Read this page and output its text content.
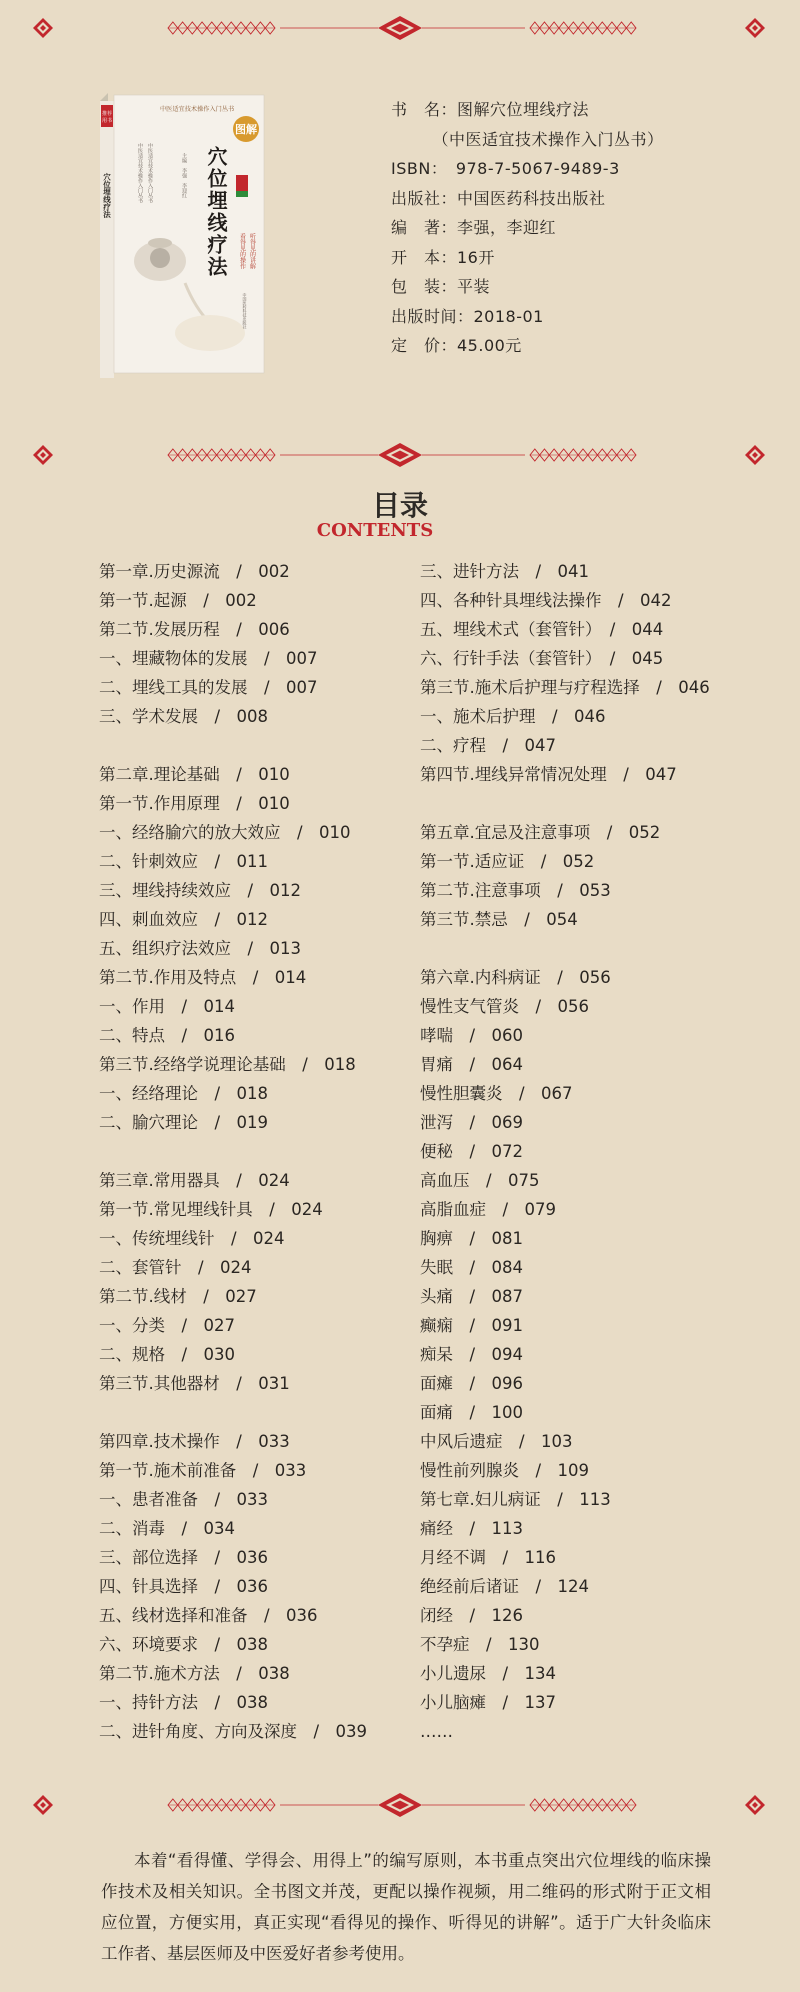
推荐
用书
穴位埋线疗法
中医适宜技术操作入门丛书
图解
穴位埋线疗法 看得见的操作 听得见的讲解
中医适宜技术操作入门丛书 中医适宜技术操作入门丛书	主编　李强　李迎红
中国医药科技出版社
书　名：图解穴位埋线疗法
　　　（中医适宜技术操作入门丛书）
ISBN：　978-7-5067-9489-3
出版社：中国医药科技出版社
编　著：李强，李迎红
开　本：16开
包　装：平装
出版时间：2018-01
定　价：45.00元
目录
CONTENTS
第一章.历史源流　/　002
第一节.起源　/　002
第二节.发展历程　/　006
一、埋藏物体的发展　/　007
二、埋线工具的发展　/　007
三、学术发展　/　008
第二章.理论基础　/　010
第一节.作用原理　/　010
一、经络腧穴的放大效应　/　010
二、针刺效应　/　011
三、埋线持续效应　/　012
四、刺血效应　/　012
五、组织疗法效应　/　013
第二节.作用及特点　/　014
一、作用　/　014
二、特点　/　016
第三节.经络学说理论基础　/　018
一、经络理论　/　018
二、腧穴理论　/　019
第三章.常用器具　/　024
第一节.常见埋线针具　/　024
一、传统埋线针　/　024
二、套管针　/　024
第二节.线材　/　027
一、分类　/　027
二、规格　/　030
第三节.其他器材　/　031
第四章.技术操作　/　033
第一节.施术前准备　/　033
一、患者准备　/　033
二、消毒　/　034
三、部位选择　/　036
四、针具选择　/　036
五、线材选择和准备　/　036
六、环境要求　/　038
第二节.施术方法　/　038
一、持针方法　/　038
二、进针角度、方向及深度　/　039
三、进针方法　/　041
四、各种针具埋线法操作　/　042
五、埋线术式（套管针）　/　044
六、行针手法（套管针）　/　045
第三节.施术后护理与疗程选择　/　046
一、施术后护理　/　046
二、疗程　/　047
第四节.埋线异常情况处理　/　047
第五章.宜忌及注意事项　/　052
第一节.适应证　/　052
第二节.注意事项　/　053
第三节.禁忌　/　054
第六章.内科病证　/　056
慢性支气管炎　/　056
哮喘　/　060
胃痛　/　064
慢性胆囊炎　/　067
泄泻　/　069
便秘　/　072
高血压　/　075
高脂血症　/　079
胸痹　/　081
失眠　/　084
头痛　/　087
癫痫　/　091
痴呆　/　094
面瘫　/　096
面痛　/　100
中风后遗症　/　103
慢性前列腺炎　/　109
第七章.妇儿病证　/　113
痛经　/　113
月经不调　/　116
绝经前后诸证　/　124
闭经　/　126
不孕症　/　130
小儿遗尿　/　134
小儿脑瘫　/　137
……
本着“看得懂、学得会、用得上”的编写原则，本书重点突出穴位埋线的临床操作技术及相关知识。全书图文并茂，更配以操作视频，用二维码的形式附于正文相应位置，方便实用，真正实现“看得见的操作、听得见的讲解”。适于广大针灸临床工作者、基层医师及中医爱好者参考使用。
